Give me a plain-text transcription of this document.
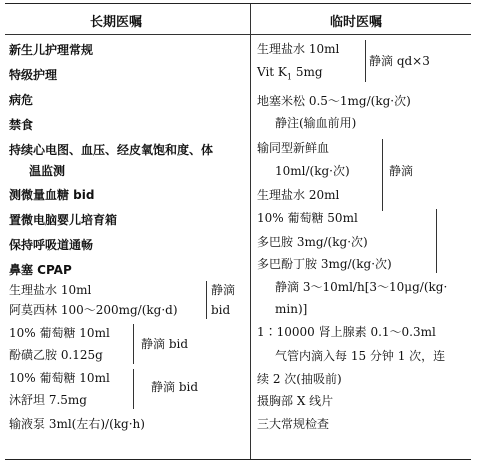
长期医嘱	临时医嘱
新生儿护理常规
特级护理
病危
禁食
持续心电图、血压、经皮氧饱和度、体
温监测
测微量血糖 bid
置微电脑婴儿培育箱
保持呼吸道通畅
鼻塞 CPAP
生理盐水 10ml
阿莫西林 100～200mg/(kg·d)
静滴
bid
10% 葡萄糖 10ml
酚磺乙胺 0.125g
静滴 bid
10% 葡萄糖 10ml
沐舒坦 7.5mg
静滴 bid
输液泵 3ml(左右)/(kg·h)
生理盐水 10ml
Vit $K_1$ 5mg
静滴 qd×3
地塞米松 0.5～1mg/(kg·次)
静注(输血前用)
输同型新鲜血
10ml/(kg·次)	静滴
生理盐水 20ml
10% 葡萄糖 50ml
多巴胺 3mg/(kg·次)
多巴酚丁胺 3mg/(kg·次)
静滴 3～10ml/h[3～10μg/(kg·
min)]
1∶10000 肾上腺素 0.1～0.3ml
气管内滴入每 15 分钟 1 次，连
续 2 次(抽吸前)
摄胸部 X 线片
三大常规检查
